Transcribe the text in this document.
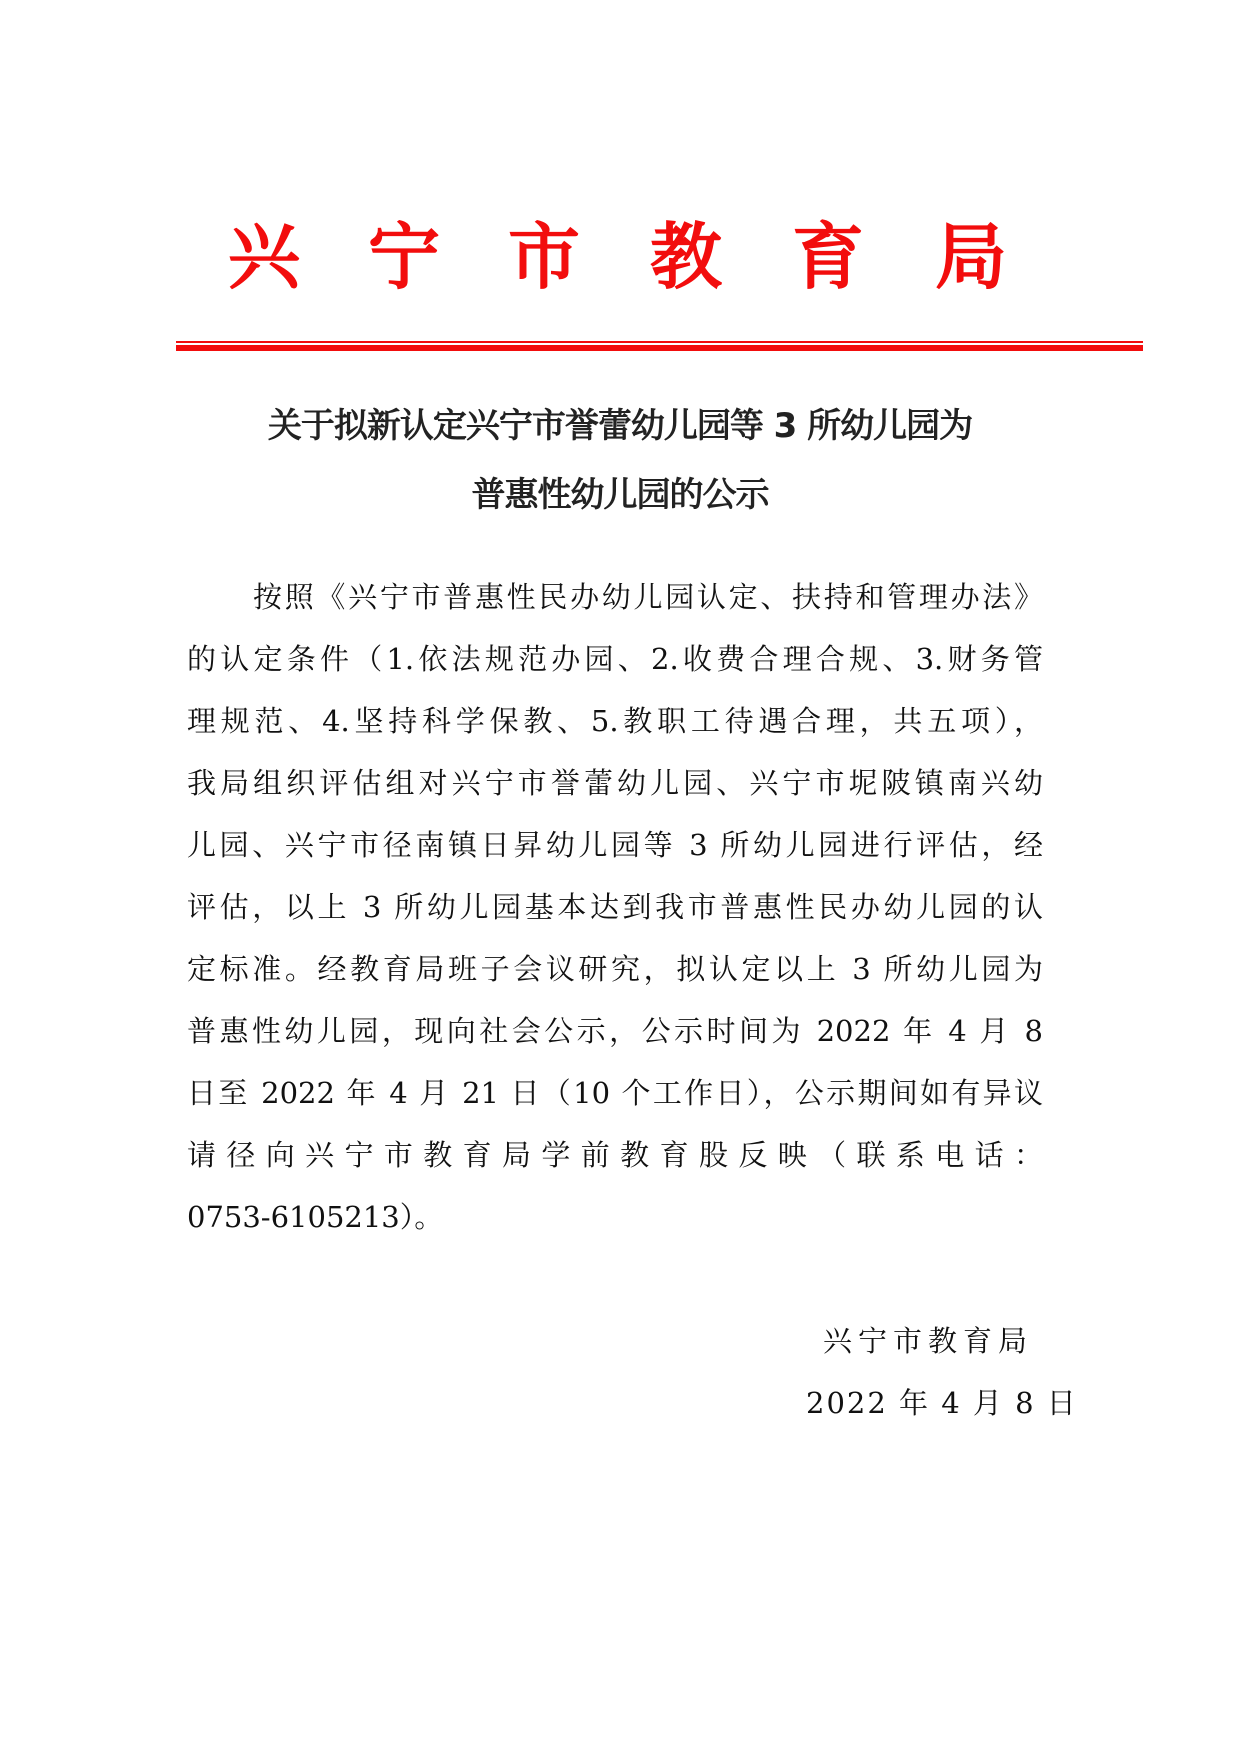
兴 宁 市 教 育 局
关于拟新认定兴宁市誉蕾幼儿园等 3 所幼儿园为
普惠性幼儿园的公示
按照《兴宁市普惠性民办幼儿园认定、扶持和管理办法》
的认定条件（1.依法规范办园、2.收费合理合规、3.财务管
理规范、4.坚持科学保教、5.教职工待遇合理，共五项），
我局组织评估组对兴宁市誉蕾幼儿园、兴宁市坭陂镇南兴幼
儿园、兴宁市径南镇日昇幼儿园等 3 所幼儿园进行评估，经
评估，以上 3 所幼儿园基本达到我市普惠性民办幼儿园的认
定标准。经教育局班子会议研究，拟认定以上 3 所幼儿园为
普惠性幼儿园，现向社会公示，公示时间为 2022 年 4 月 8
日至 2022 年 4 月 21 日（10 个工作日），公示期间如有异议
请径向兴宁市教育局学前教育股反映（联系电话：
0753-6105213）。
兴宁市教育局
2022 年 4 月 8 日
